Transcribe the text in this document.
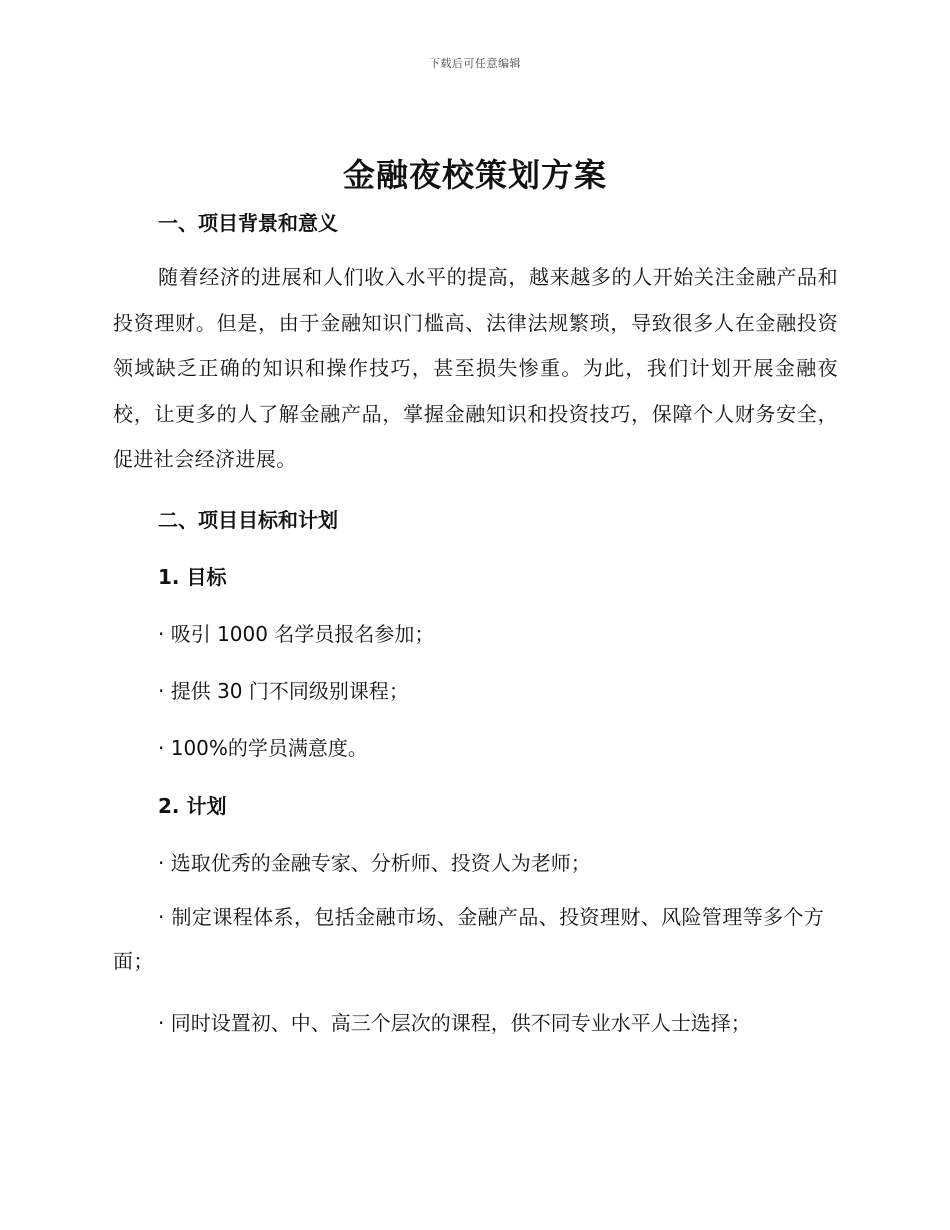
下载后可任意编辑
金融夜校策划方案
一、项目背景和意义

随着经济的进展和人们收入水平的提高，越来越多的人开始关注金融产品和投资理财。但是，由于金融知识门槛高、法律法规繁琐，导致很多人在金融投资领域缺乏正确的知识和操作技巧，甚至损失惨重。为此，我们计划开展金融夜校，让更多的人了解金融产品，掌握金融知识和投资技巧，保障个人财务安全，促进社会经济进展。

二、项目目标和计划
1. 目标

· 吸引 1000 名学员报名参加；

· 提供 30 门不同级别课程；

· 100%的学员满意度。

2. 计划

· 选取优秀的金融专家、分析师、投资人为老师；

· 制定课程体系，包括金融市场、金融产品、投资理财、风险管理等多个方面；

· 同时设置初、中、高三个层次的课程，供不同专业水平人士选择；
